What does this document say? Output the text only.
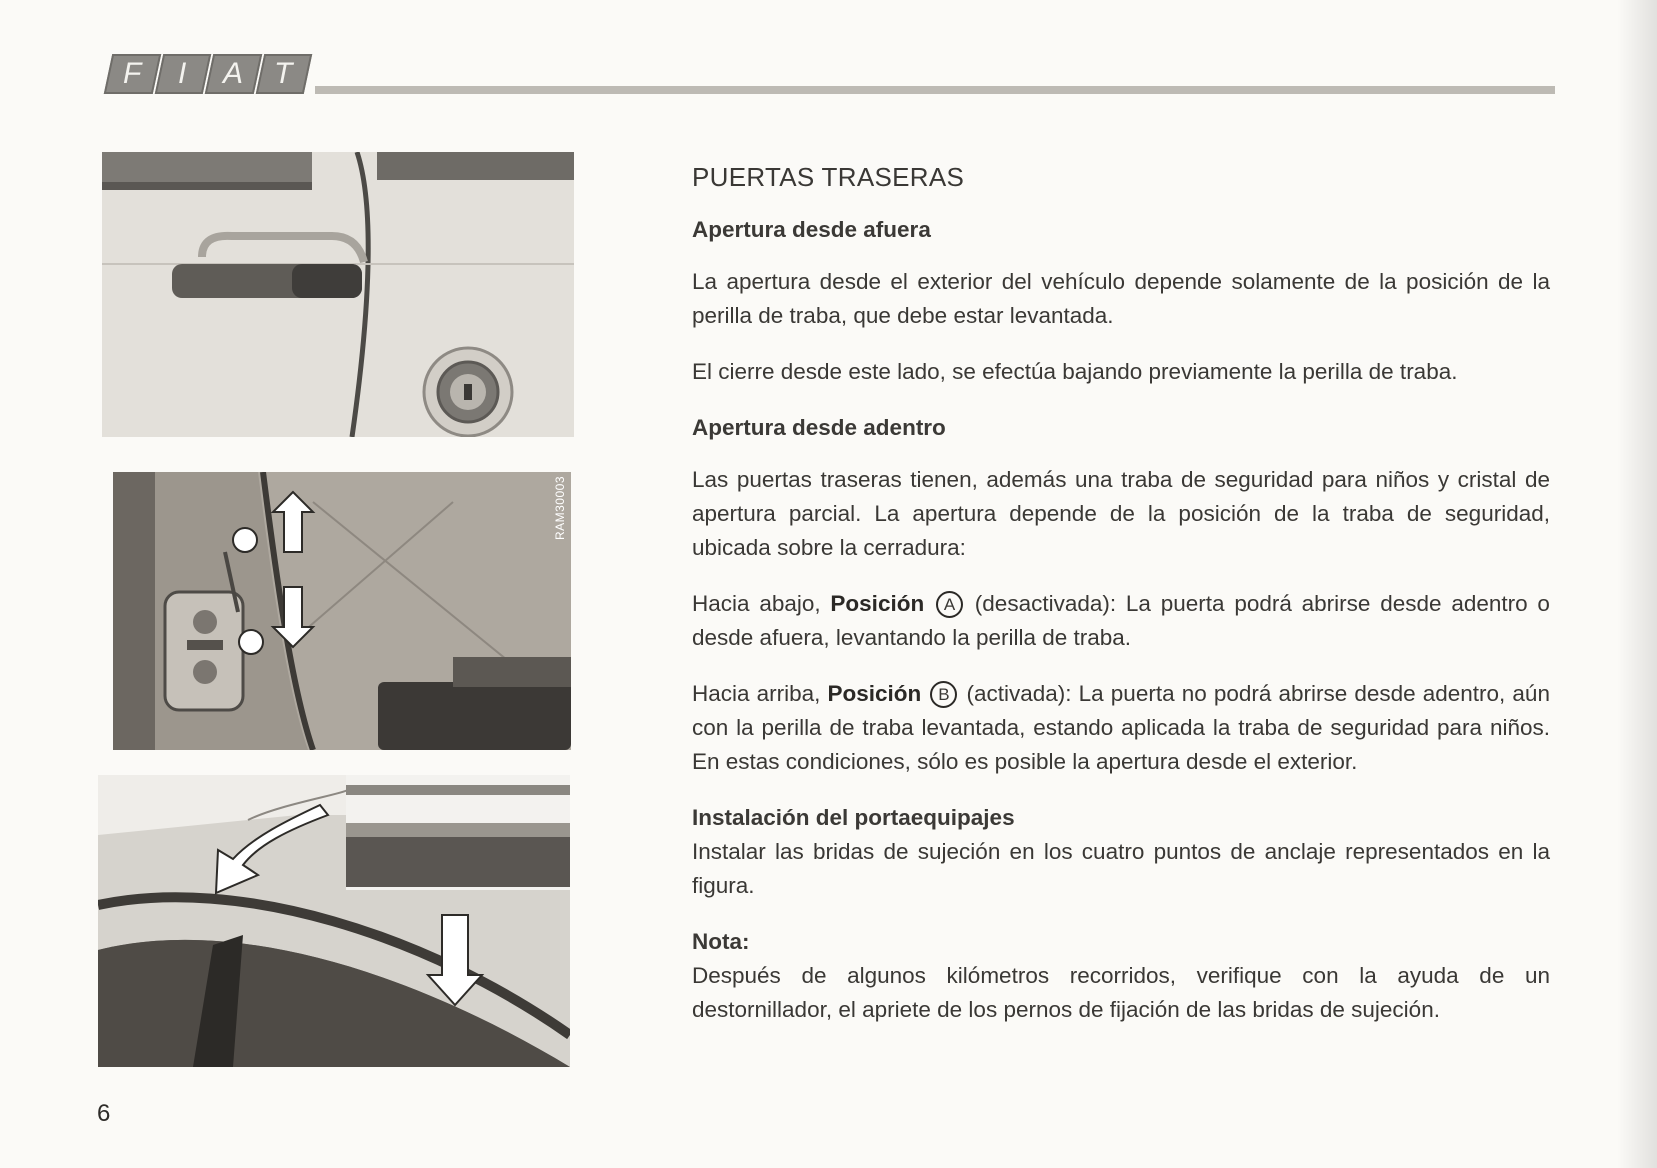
F I A T
RAM30003
6
PUERTAS TRASERAS
Apertura desde afuera

La apertura desde el exterior del vehículo depende solamente de la posición de la perilla de traba, que debe estar levantada.

El cierre desde este lado, se efectúa bajando previamente la perilla de traba.

Apertura desde adentro

Las puertas traseras tienen, además una traba de seguridad para niños y cristal de apertura parcial. La apertura depende de la posición de la traba de seguridad, ubicada sobre la cerradura:

Hacia abajo, Posición A (desactivada): La puerta podrá abrirse desde adentro o desde afuera, levantando la perilla de traba.

Hacia arriba, Posición B (activada): La puerta no podrá abrirse desde adentro, aún con la perilla de traba levantada, estando aplicada la traba de seguridad para niños. En estas condiciones, sólo es posible la apertura desde el exterior.

Instalación del portaequipajes

Instalar las bridas de sujeción en los cuatro puntos de anclaje representados en la figura.

Nota:

Después de algunos kilómetros recorridos, verifique con la ayuda de un destornillador, el apriete de los pernos de fijación de las bridas de sujeción.
